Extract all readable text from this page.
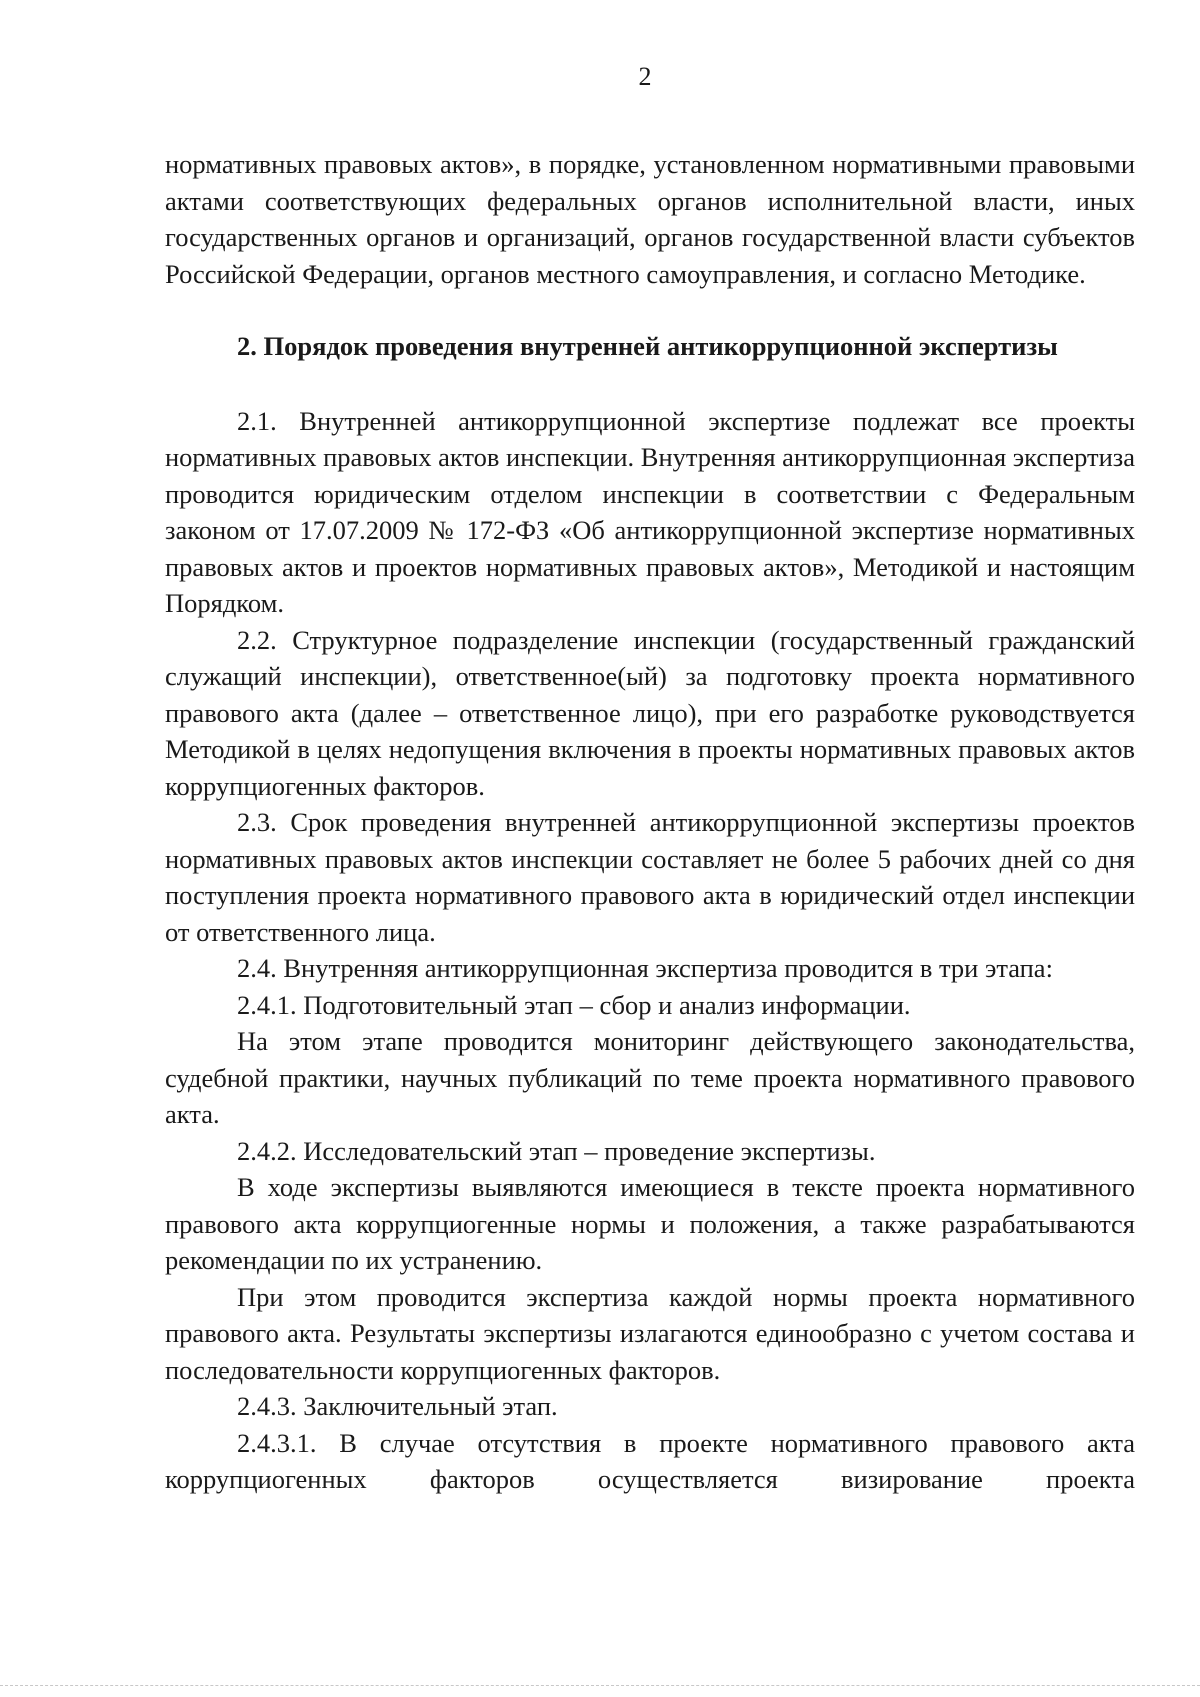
2

нормативных правовых актов», в порядке, установленном нормативными правовыми актами соответствующих федеральных органов исполнительной власти, иных государственных органов и организаций, органов государственной власти субъектов Российской Федерации, органов местного самоуправления, и согласно Методике.

2. Порядок проведения внутренней антикоррупционной экспертизы

2.1. Внутренней антикоррупционной экспертизе подлежат все проекты нормативных правовых актов инспекции. Внутренняя антикоррупционная экспертиза проводится юридическим отделом инспекции в соответствии с Федеральным законом от 17.07.2009 № 172-ФЗ «Об антикоррупционной экспертизе нормативных правовых актов и проектов нормативных правовых актов», Методикой и настоящим Порядком.

2.2. Структурное подразделение инспекции (государственный гражданский служащий инспекции), ответственное(ый) за подготовку проекта нормативного правового акта (далее – ответственное лицо), при его разработке руководствуется Методикой в целях недопущения включения в проекты нормативных правовых актов коррупциогенных факторов.

2.3. Срок проведения внутренней антикоррупционной экспертизы проектов нормативных правовых актов инспекции составляет не более 5 рабочих дней со дня поступления проекта нормативного правового акта в юридический отдел инспекции от ответственного лица.

2.4. Внутренняя антикоррупционная экспертиза проводится в три этапа:

2.4.1. Подготовительный этап – сбор и анализ информации.

На этом этапе проводится мониторинг действующего законодательства, судебной практики, научных публикаций по теме проекта нормативного правового акта.

2.4.2. Исследовательский этап – проведение экспертизы.

В ходе экспертизы выявляются имеющиеся в тексте проекта нормативного правового акта коррупциогенные нормы и положения, а также разрабатываются рекомендации по их устранению.

При этом проводится экспертиза каждой нормы проекта нормативного правового акта. Результаты экспертизы излагаются единообразно с учетом состава и последовательности коррупциогенных факторов.

2.4.3. Заключительный этап.

2.4.3.1. В случае отсутствия в проекте нормативного правового акта коррупциогенных факторов осуществляется визирование проекта
